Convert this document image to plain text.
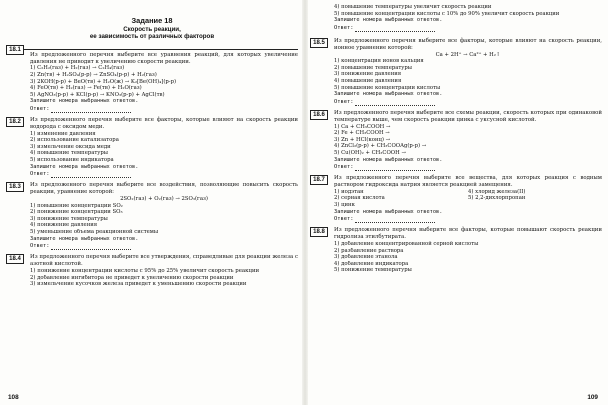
Задание 18
Скорость реакции,
ее зависимость от различных факторов
18.1
Из предложенного перечня выберите все уравнения реакций, для которых увеличение давления не приводит к увеличению скорости реакции.
1) C₂H₂(газ) + H₂(газ) → C₂H₄(газ)
2) Zn(тв) + H₂SO₄(р-р) → ZnSO₄(р-р) + H₂(газ)
3) 2KOH(р-р) + BeO(тв) + H₂O(ж) → K₂[Be(OH)₄](р-р)
4) FeO(тв) + H₂(газ) → Fe(тв) + H₂O(газ)
5) AgNO₃(р-р) + KCl(р-р) → KNO₃(р-р) + AgCl(тв)
Запишите номера выбранных ответов.
Ответ:
18.2	Из предложенного перечня выберите все факторы, которые влияют на скорость реакции водорода с оксидом меди.
1) изменение давления
2) использование катализатора
3) измельчение оксида меди
4) повышение температуры
5) использование индикатора
Запишите номера выбранных ответов.
Ответ:
18.3	Из предложенного перечня выберите все воздействия, позволяющие повысить скорость реакции, уравнение которой:
2SO₂(газ) + O₂(газ) → 2SO₃(газ)
1) повышение концентрации SO₂
2) понижение концентрации SO₃
3) понижение температуры
4) понижение давления
5) уменьшение объема реакционной системы
Запишите номера выбранных ответов.
Ответ:
18.4	Из предложенного перечня выберите все утверждения, справедливые для реакции железа с азотной кислотой.
1) понижение концентрации кислоты с 95% до 25% увеличит скорость реакции
2) добавление ингибитора не приведет к увеличению скорости реакции
3) измельчение кусочков железа приведет к уменьшению скорости реакции
108
4) повышение температуры увеличит скорость реакции
5) повышение концентрации кислоты с 10% до 90% увеличит скорость реакции
Запишите номера выбранных ответов.
Ответ:
18.5	Из предложенного перечня выберите все факторы, которые влияют на скорость реакции, ионное уравнение которой:
Ca + 2H⁺ → Ca²⁺ + H₂↑
1) концентрация ионов кальция
2) повышение температуры
3) понижение давления
4) повышение давления
5) повышение концентрации кислоты
Запишите номера выбранных ответов.
Ответ:
18.6	Из предложенного перечня выберите все схемы реакции, скорость которых при одинаковой температуре выше, чем скорость реакции цинка с уксусной кислотой.
1) Ca + CH₃COOH →
2) Fe + CH₃COOH →
3) Zn + HCl(конц) →
4) ZnCl₂(р-р) + CH₃COOAg(р-р) →
5) Cu(OH)₂ + CH₃COOH →
Запишите номера выбранных ответов.
Ответ:
18.7	Из предложенного перечня выберите все вещества, для которых реакция с водным раствором гидроксида натрия является реакцией замещения.
1) иодэтан
2) серная кислота
3) цинк
4) хлорид железа(II)
5) 2,2-дихлорпропан
Запишите номера выбранных ответов.
Ответ:
18.8	Из предложенного перечня выберите все факторы, которые повышают скорость реакции гидролиза этилбутирата.
1) добавление концентрированной серной кислоты
2) разбавление раствора
3) добавление этанола
4) добавление индикатора
5) понижение температуры
109
